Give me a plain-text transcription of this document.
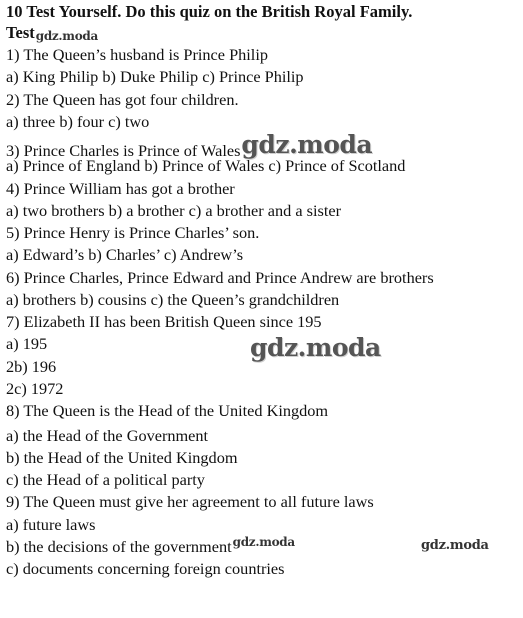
10 Test Yourself. Do this quiz on the British Royal Family.
Testgdz.moda
1) The Queen’s husband is Prince Philip
a) King Philip b) Duke Philip c) Prince Philip
2) The Queen has got four children.
a) three b) four c) two
3) Prince Charles is Prince of Walesgdz.moda
a) Prince of England b) Prince of Wales c) Prince of Scotland
4) Prince William has got a brother
a) two brothers b) a brother c) a brother and a sister
5) Prince Henry is Prince Charles’ son.
a) Edward’s b) Charles’ c) Andrew’s
6) Prince Charles, Prince Edward and Prince Andrew are brothers
a) brothers b) cousins c) the Queen’s grandchildren
7) Elizabeth II has been British Queen since 195
a) 195
2b) 196
2c) 1972
8) The Queen is the Head of the United Kingdom
a) the Head of the Government
b) the Head of the United Kingdom
c) the Head of a political party
9) The Queen must give her agreement to all future laws
a) future laws
b) the decisions of the government$^{gdz.moda}$
c) documents concerning foreign countries
gdz.moda
gdz.moda
